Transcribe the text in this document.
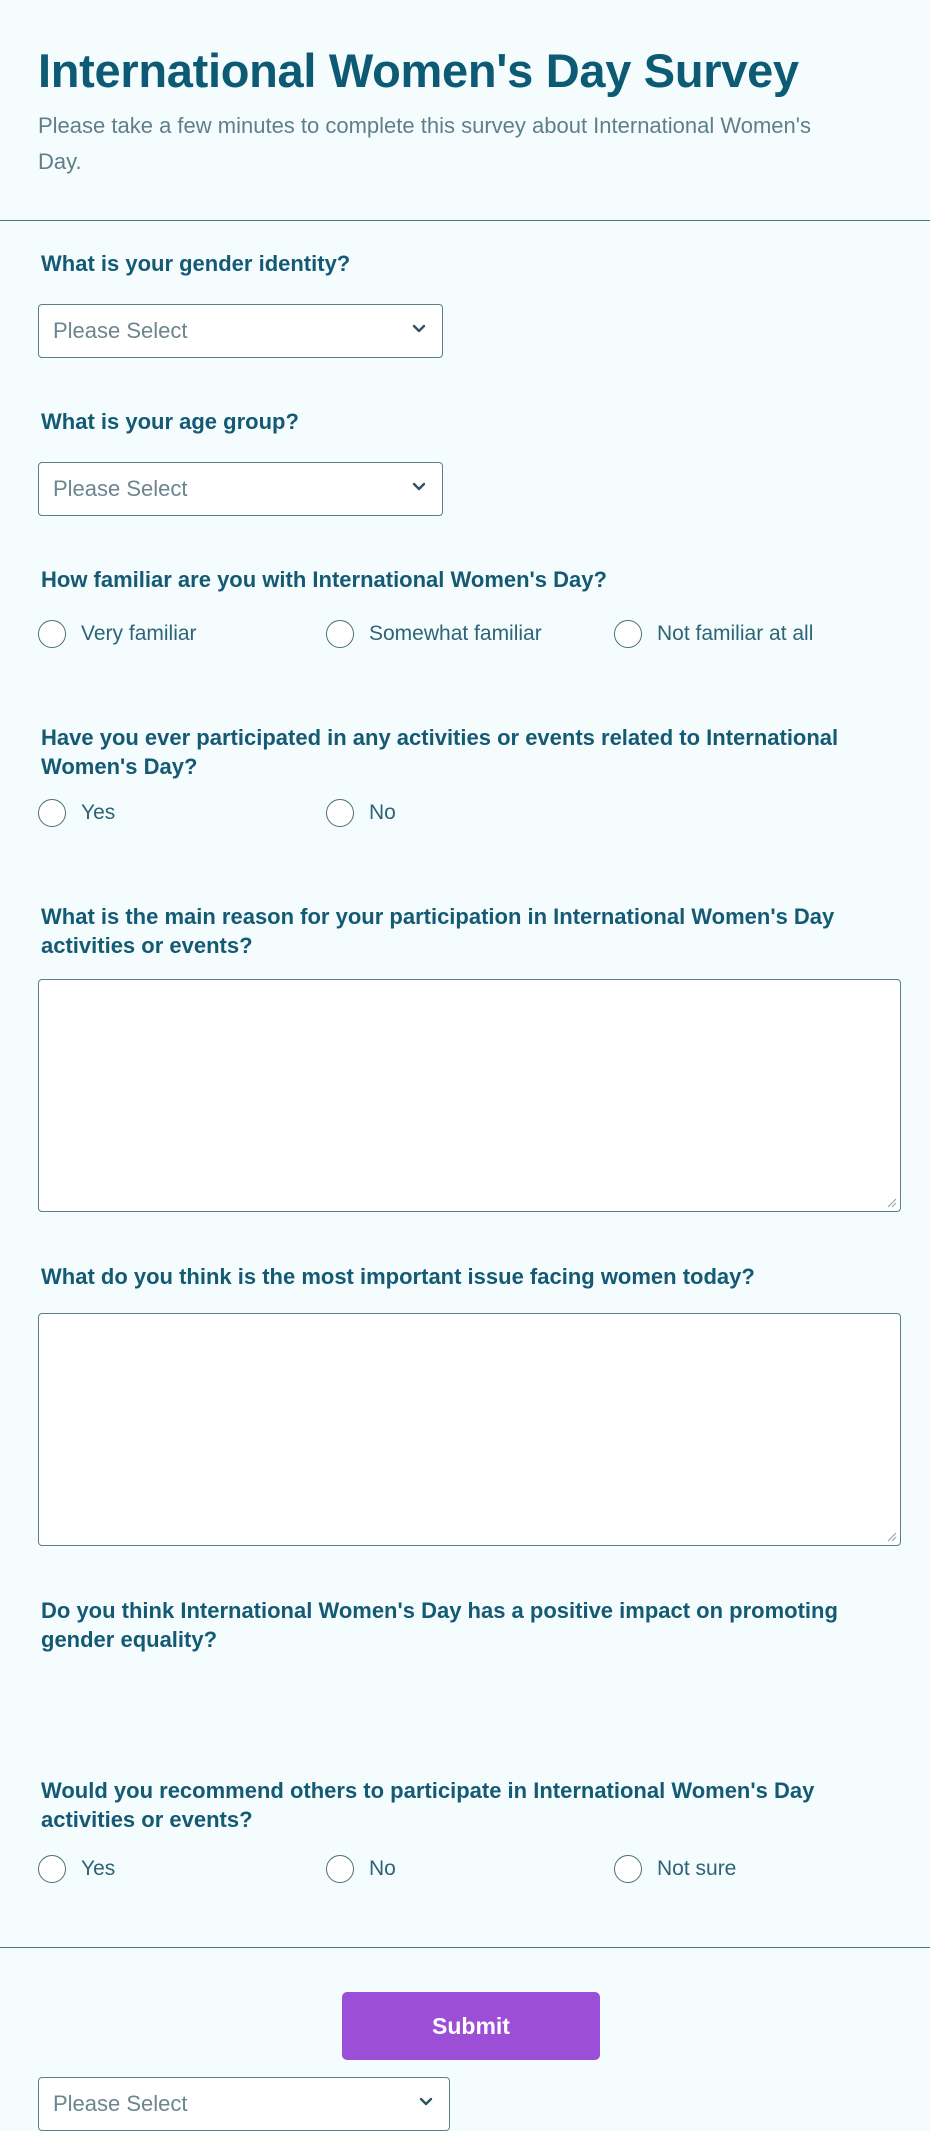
International Women's Day Survey

Please take a few minutes to complete this survey about International Women's Day.

What is your gender identity?
Please Select
What is your age group?
Please Select
How familiar are you with International Women's Day?
Very familiar	Somewhat familiar	Not familiar at all
Have you ever participated in any activities or events related to International Women's Day?
Yes	No
What is the main reason for your participation in International Women's Day activities or events?
What do you think is the most important issue facing women today?
Do you think International Women's Day has a positive impact on promoting gender equality?
Yes	No	Not sure
Would you recommend others to participate in International Women's Day activities or events?
Please Select
Submit
